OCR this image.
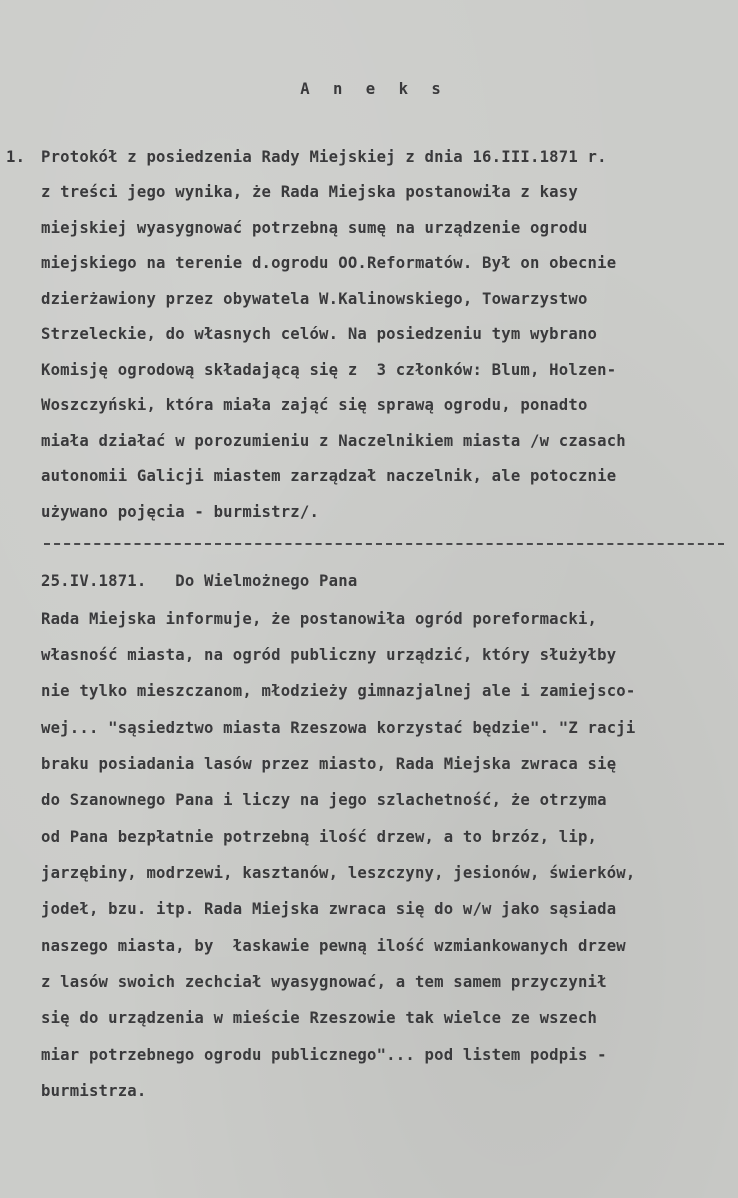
A n e k s
1. Protokół z posiedzenia Rady Miejskiej z dnia 16.III.1871 r.
z treści jego wynika, że Rada Miejska postanowiła z kasy
miejskiej wyasygnować potrzebną sumę na urządzenie ogrodu
miejskiego na terenie d.ogrodu OO.Reformatów. Był on obecnie
dzierżawiony przez obywatela W.Kalinowskiego, Towarzystwo
Strzeleckie, do własnych celów. Na posiedzeniu tym wybrano
Komisję ogrodową składającą się z  3 członków: Blum, Holzen-
Woszczyński, która miała zająć się sprawą ogrodu, ponadto
miała działać w porozumieniu z Naczelnikiem miasta /w czasach
autonomii Galicji miastem zarządzał naczelnik, ale potocznie
używano pojęcia - burmistrz/.
25.IV.1871.   Do Wielmożnego Pana
Rada Miejska informuje, że postanowiła ogród poreformacki,
własność miasta, na ogród publiczny urządzić, który służyłby
nie tylko mieszczanom, młodzieży gimnazjalnej ale i zamiejsco-
wej... "sąsiedztwo miasta Rzeszowa korzystać będzie". "Z racji
braku posiadania lasów przez miasto, Rada Miejska zwraca się
do Szanownego Pana i liczy na jego szlachetność, że otrzyma
od Pana bezpłatnie potrzebną ilość drzew, a to brzóz, lip,
jarzębiny, modrzewi, kasztanów, leszczyny, jesionów, świerków,
jodeł, bzu. itp. Rada Miejska zwraca się do w/w jako sąsiada
naszego miasta, by  łaskawie pewną ilość wzmiankowanych drzew
z lasów swoich zechciał wyasygnować, a tem samem przyczynił
się do urządzenia w mieście Rzeszowie tak wielce ze wszech
miar potrzebnego ogrodu publicznego"... pod listem podpis -
burmistrza.
